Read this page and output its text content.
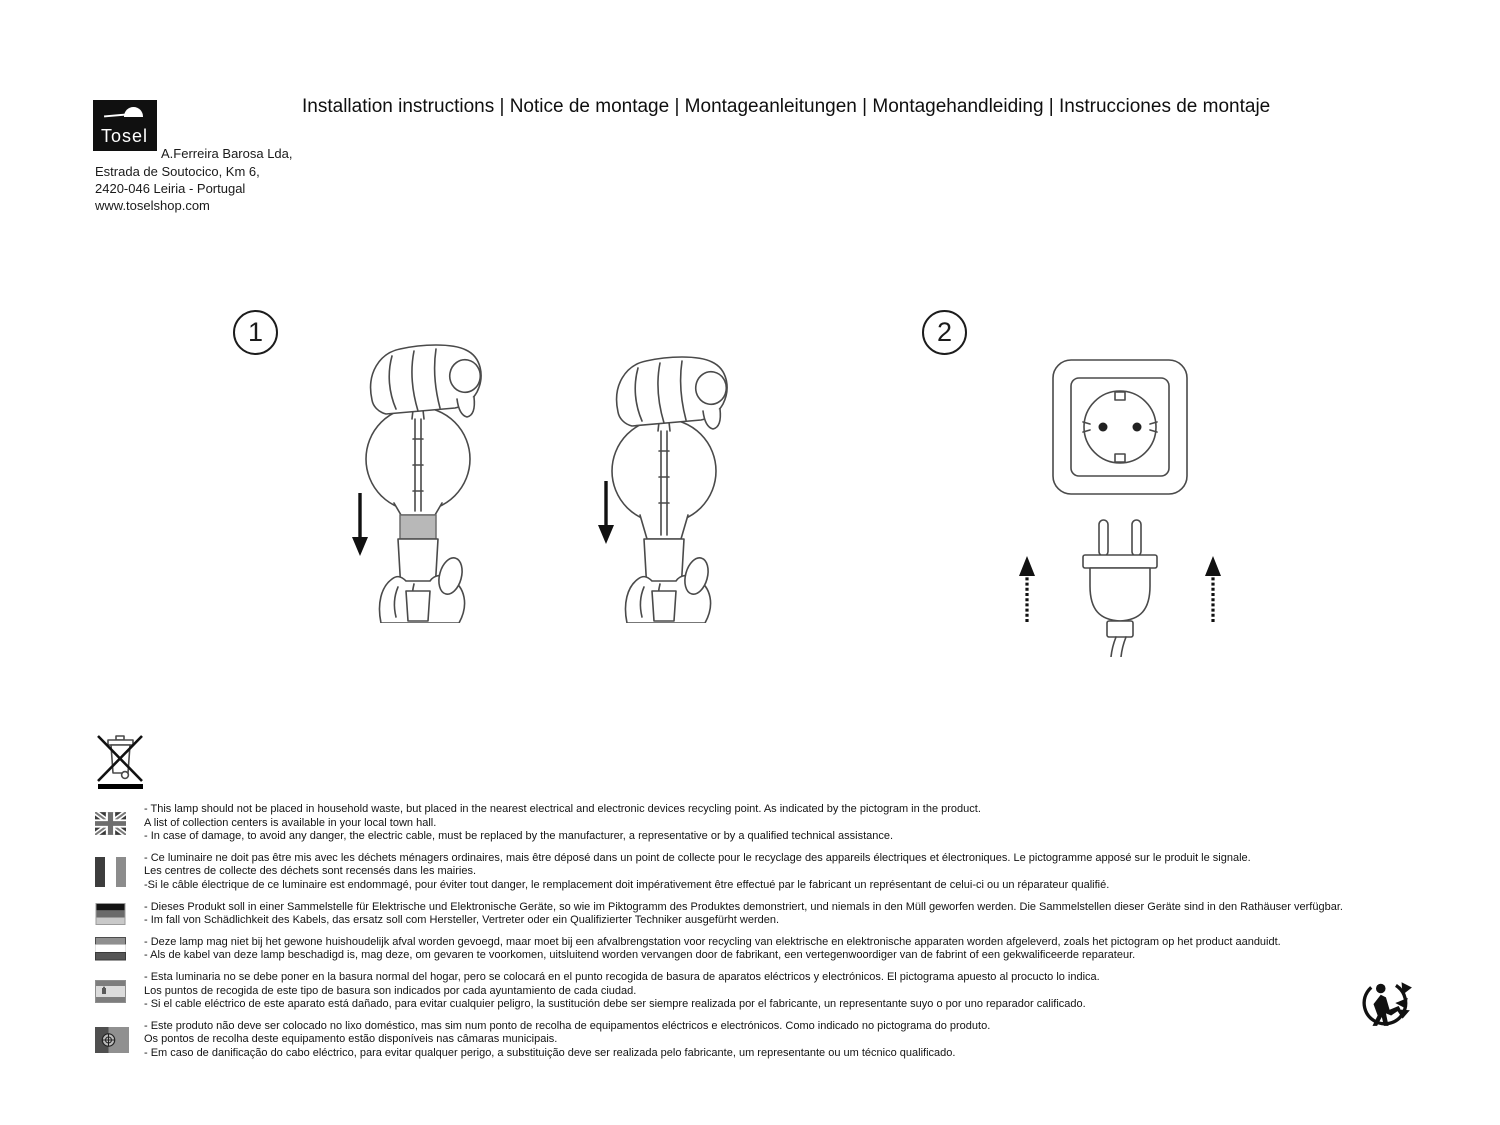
Tosel
Installation instructions | Notice de montage | Montageanleitungen | Montagehandleiding | Instrucciones de montaje
A.Ferreira Barosa Lda,
Estrada de Soutocico, Km 6,
2420-046 Leiria - Portugal
www.toselshop.com
1	2
- This lamp should not be placed in household waste, but placed in the nearest electrical and electronic devices recycling point. As indicated by the pictogram in the product.
A list of collection centers is available in your local town hall.
- In case of damage, to avoid any danger, the electric cable, must be replaced by the manufacturer, a representative or by a qualified technical assistance.
- Ce luminaire ne doit pas être mis avec les déchets ménagers ordinaires, mais être déposé dans un point de collecte pour le recyclage des appareils électriques et électroniques. Le pictogramme apposé sur le produit le signale.
Les centres de collecte des déchets sont recensés dans les mairies.
-Si le câble électrique de ce luminaire est endommagé, pour éviter tout danger, le remplacement doit impérativement être effectué par le fabricant un représentant de celui-ci ou un réparateur qualifié.
- Dieses Produkt soll in einer Sammelstelle für Elektrische und Elektronische Geräte, so wie im Piktogramm des Produktes demonstriert, und niemals in den Müll geworfen werden. Die Sammelstellen dieser Geräte sind in den Rathäuser verfügbar.
- Im fall von Schädlichkeit des Kabels, das ersatz soll com Hersteller, Vertreter oder ein Qualifizierter Techniker ausgefürht werden.
- Deze lamp mag niet bij het gewone huishoudelijk afval worden gevoegd, maar moet bij een afvalbrengstation voor recycling van elektrische en elektronische apparaten worden afgeleverd, zoals het pictogram op het product aanduidt.
- Als de kabel van deze lamp beschadigd is, mag deze, om gevaren te voorkomen, uitsluitend worden vervangen door de fabrikant, een vertegenwoordiger van de fabrint of een gekwalificeerde reparateur.
- Esta luminaria no se debe poner en la basura normal del hogar, pero se colocará en el punto recogida de basura de aparatos eléctricos y electrónicos. El pictograma apuesto al procucto lo indica.
Los puntos de recogida de este tipo de basura son indicados por cada ayuntamiento de cada ciudad.
- Si el cable eléctrico de este aparato está dañado, para evitar cualquier peligro, la sustitución debe ser siempre realizada por el fabricante, un representante suyo o por uno reparador calificado.
- Este produto não deve ser colocado no lixo doméstico, mas sim num ponto de recolha de equipamentos eléctricos e electrónicos. Como indicado no pictograma do produto.
Os pontos de recolha deste equipamento estão disponíveis nas câmaras municipais.
- Em caso de danificação do cabo eléctrico, para evitar qualquer perigo, a substituição deve ser realizada pelo fabricante, um representante ou um técnico qualificado.
